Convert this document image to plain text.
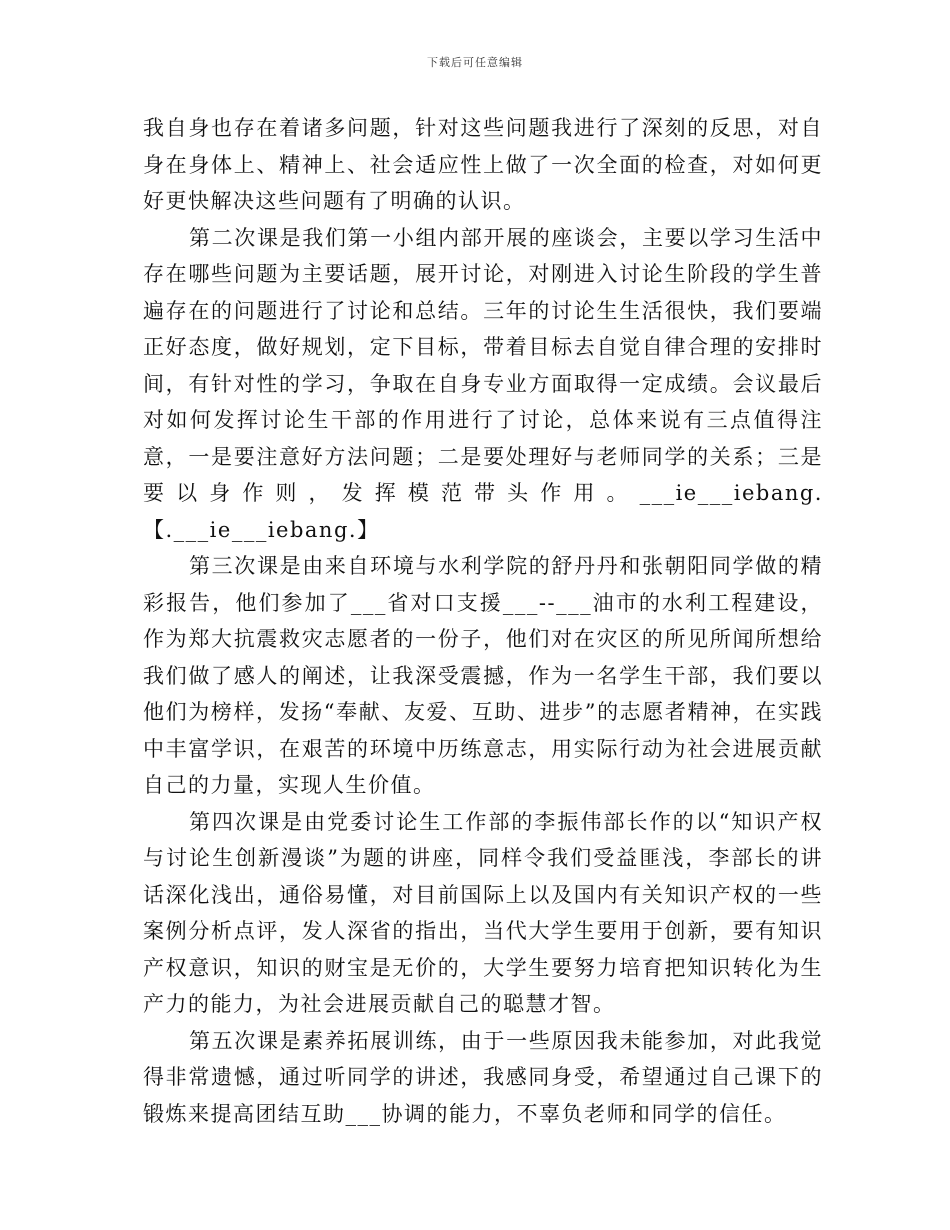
下载后可任意编辑

我自身也存在着诸多问题，针对这些问题我进行了深刻的反思，对自身在身体上、精神上、社会适应性上做了一次全面的检查，对如何更好更快解决这些问题有了明确的认识。

第二次课是我们第一小组内部开展的座谈会，主要以学习生活中存在哪些问题为主要话题，展开讨论，对刚进入讨论生阶段的学生普遍存在的问题进行了讨论和总结。三年的讨论生生活很快，我们要端正好态度，做好规划，定下目标，带着目标去自觉自律合理的安排时间，有针对性的学习，争取在自身专业方面取得一定成绩。会议最后对如何发挥讨论生干部的作用进行了讨论，总体来说有三点值得注意，一是要注意好方法问题；二是要处理好与老师同学的关系；三是要以身作则，发挥模范带头作用。___ie___iebang.【.___ie___iebang.】

第三次课是由来自环境与水利学院的舒丹丹和张朝阳同学做的精彩报告，他们参加了___省对口支援___--___油市的水利工程建设，作为郑大抗震救灾志愿者的一份子，他们对在灾区的所见所闻所想给我们做了感人的阐述，让我深受震撼，作为一名学生干部，我们要以他们为榜样，发扬“奉献、友爱、互助、进步”的志愿者精神，在实践中丰富学识，在艰苦的环境中历练意志，用实际行动为社会进展贡献自己的力量，实现人生价值。

第四次课是由党委讨论生工作部的李振伟部长作的以“知识产权与讨论生创新漫谈”为题的讲座，同样令我们受益匪浅，李部长的讲话深化浅出，通俗易懂，对目前国际上以及国内有关知识产权的一些案例分析点评，发人深省的指出，当代大学生要用于创新，要有知识产权意识，知识的财宝是无价的，大学生要努力培育把知识转化为生产力的能力，为社会进展贡献自己的聪慧才智。

第五次课是素养拓展训练，由于一些原因我未能参加，对此我觉得非常遗憾，通过听同学的讲述，我感同身受，希望通过自己课下的锻炼来提高团结互助___协调的能力，不辜负老师和同学的信任。
